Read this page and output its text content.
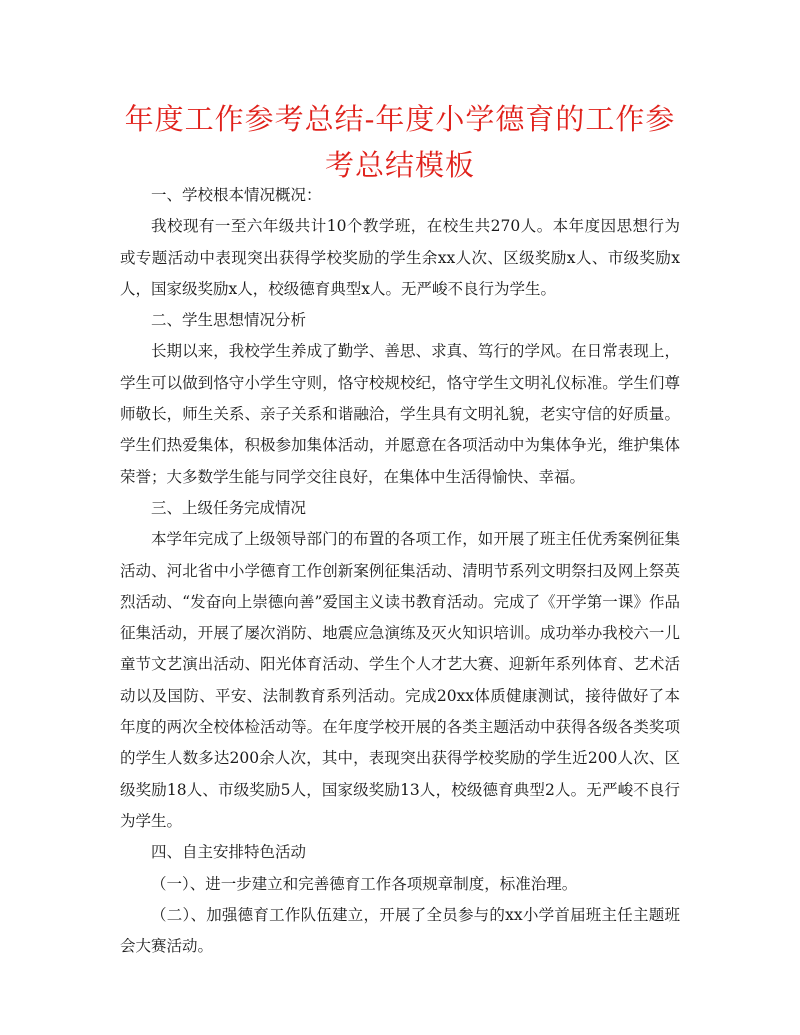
年度工作参考总结-年度小学德育的工作参考总结模板

一、学校根本情况概况：

我校现有一至六年级共计10个教学班，在校生共270人。本年度因思想行为或专题活动中表现突出获得学校奖励的学生余xx人次、区级奖励x人、市级奖励x人，国家级奖励x人，校级德育典型x人。无严峻不良行为学生。

二、学生思想情况分析

长期以来，我校学生养成了勤学、善思、求真、笃行的学风。在日常表现上，学生可以做到恪守小学生守则，恪守校规校纪，恪守学生文明礼仪标准。学生们尊师敬长，师生关系、亲子关系和谐融洽，学生具有文明礼貌，老实守信的好质量。学生们热爱集体，积极参加集体活动，并愿意在各项活动中为集体争光，维护集体荣誉；大多数学生能与同学交往良好，在集体中生活得愉快、幸福。

三、上级任务完成情况

本学年完成了上级领导部门的布置的各项工作，如开展了班主任优秀案例征集活动、河北省中小学德育工作创新案例征集活动、清明节系列文明祭扫及网上祭英烈活动、“发奋向上崇德向善”爱国主义读书教育活动。完成了《开学第一课》作品征集活动，开展了屡次消防、地震应急演练及灭火知识培训。成功举办我校六一儿童节文艺演出活动、阳光体育活动、学生个人才艺大赛、迎新年系列体育、艺术活动以及国防、平安、法制教育系列活动。完成20xx体质健康测试，接待做好了本年度的两次全校体检活动等。在年度学校开展的各类主题活动中获得各级各类奖项的学生人数多达200余人次，其中，表现突出获得学校奖励的学生近200人次、区级奖励18人、市级奖励5人，国家级奖励13人，校级德育典型2人。无严峻不良行为学生。

四、自主安排特色活动

（一）、进一步建立和完善德育工作各项规章制度，标准治理。

（二）、加强德育工作队伍建立，开展了全员参与的xx小学首届班主任主题班会大赛活动。
